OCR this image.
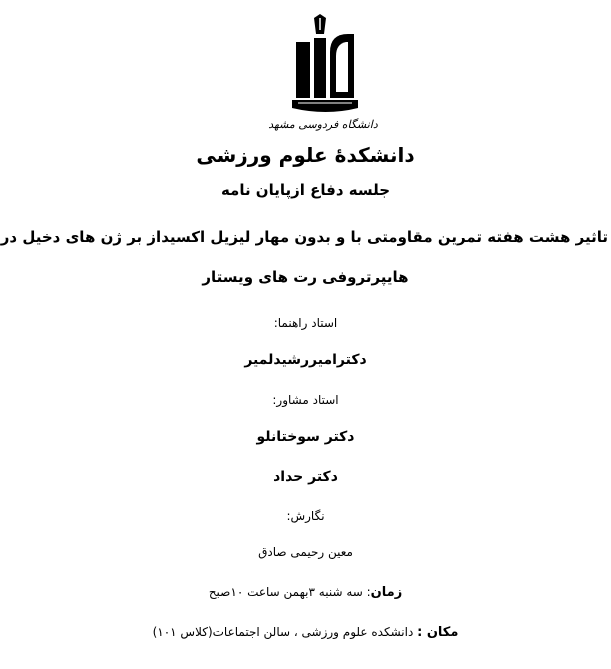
دانشگاه فردوسی مشهد
دانشکدهٔ علوم ورزشی
جلسه دفاع ازپایان نامه
تاثیر هشت هفته تمرین مقاومتی با و بدون مهار لیزیل اکسیداز بر ژن های دخیل در
هایپرتروفی رت های ویستار
استاد راهنما:
دکترامیررشیدلمیر
استاد مشاور:
دکتر سوختانلو
دکتر حداد
نگارش:
معین رحیمی صادق
زمان: سه شنبه ۳بهمن ساعت ۱۰صبح
مکان : دانشکده علوم ورزشی ، سالن اجتماعات(کلاس ۱۰۱)
